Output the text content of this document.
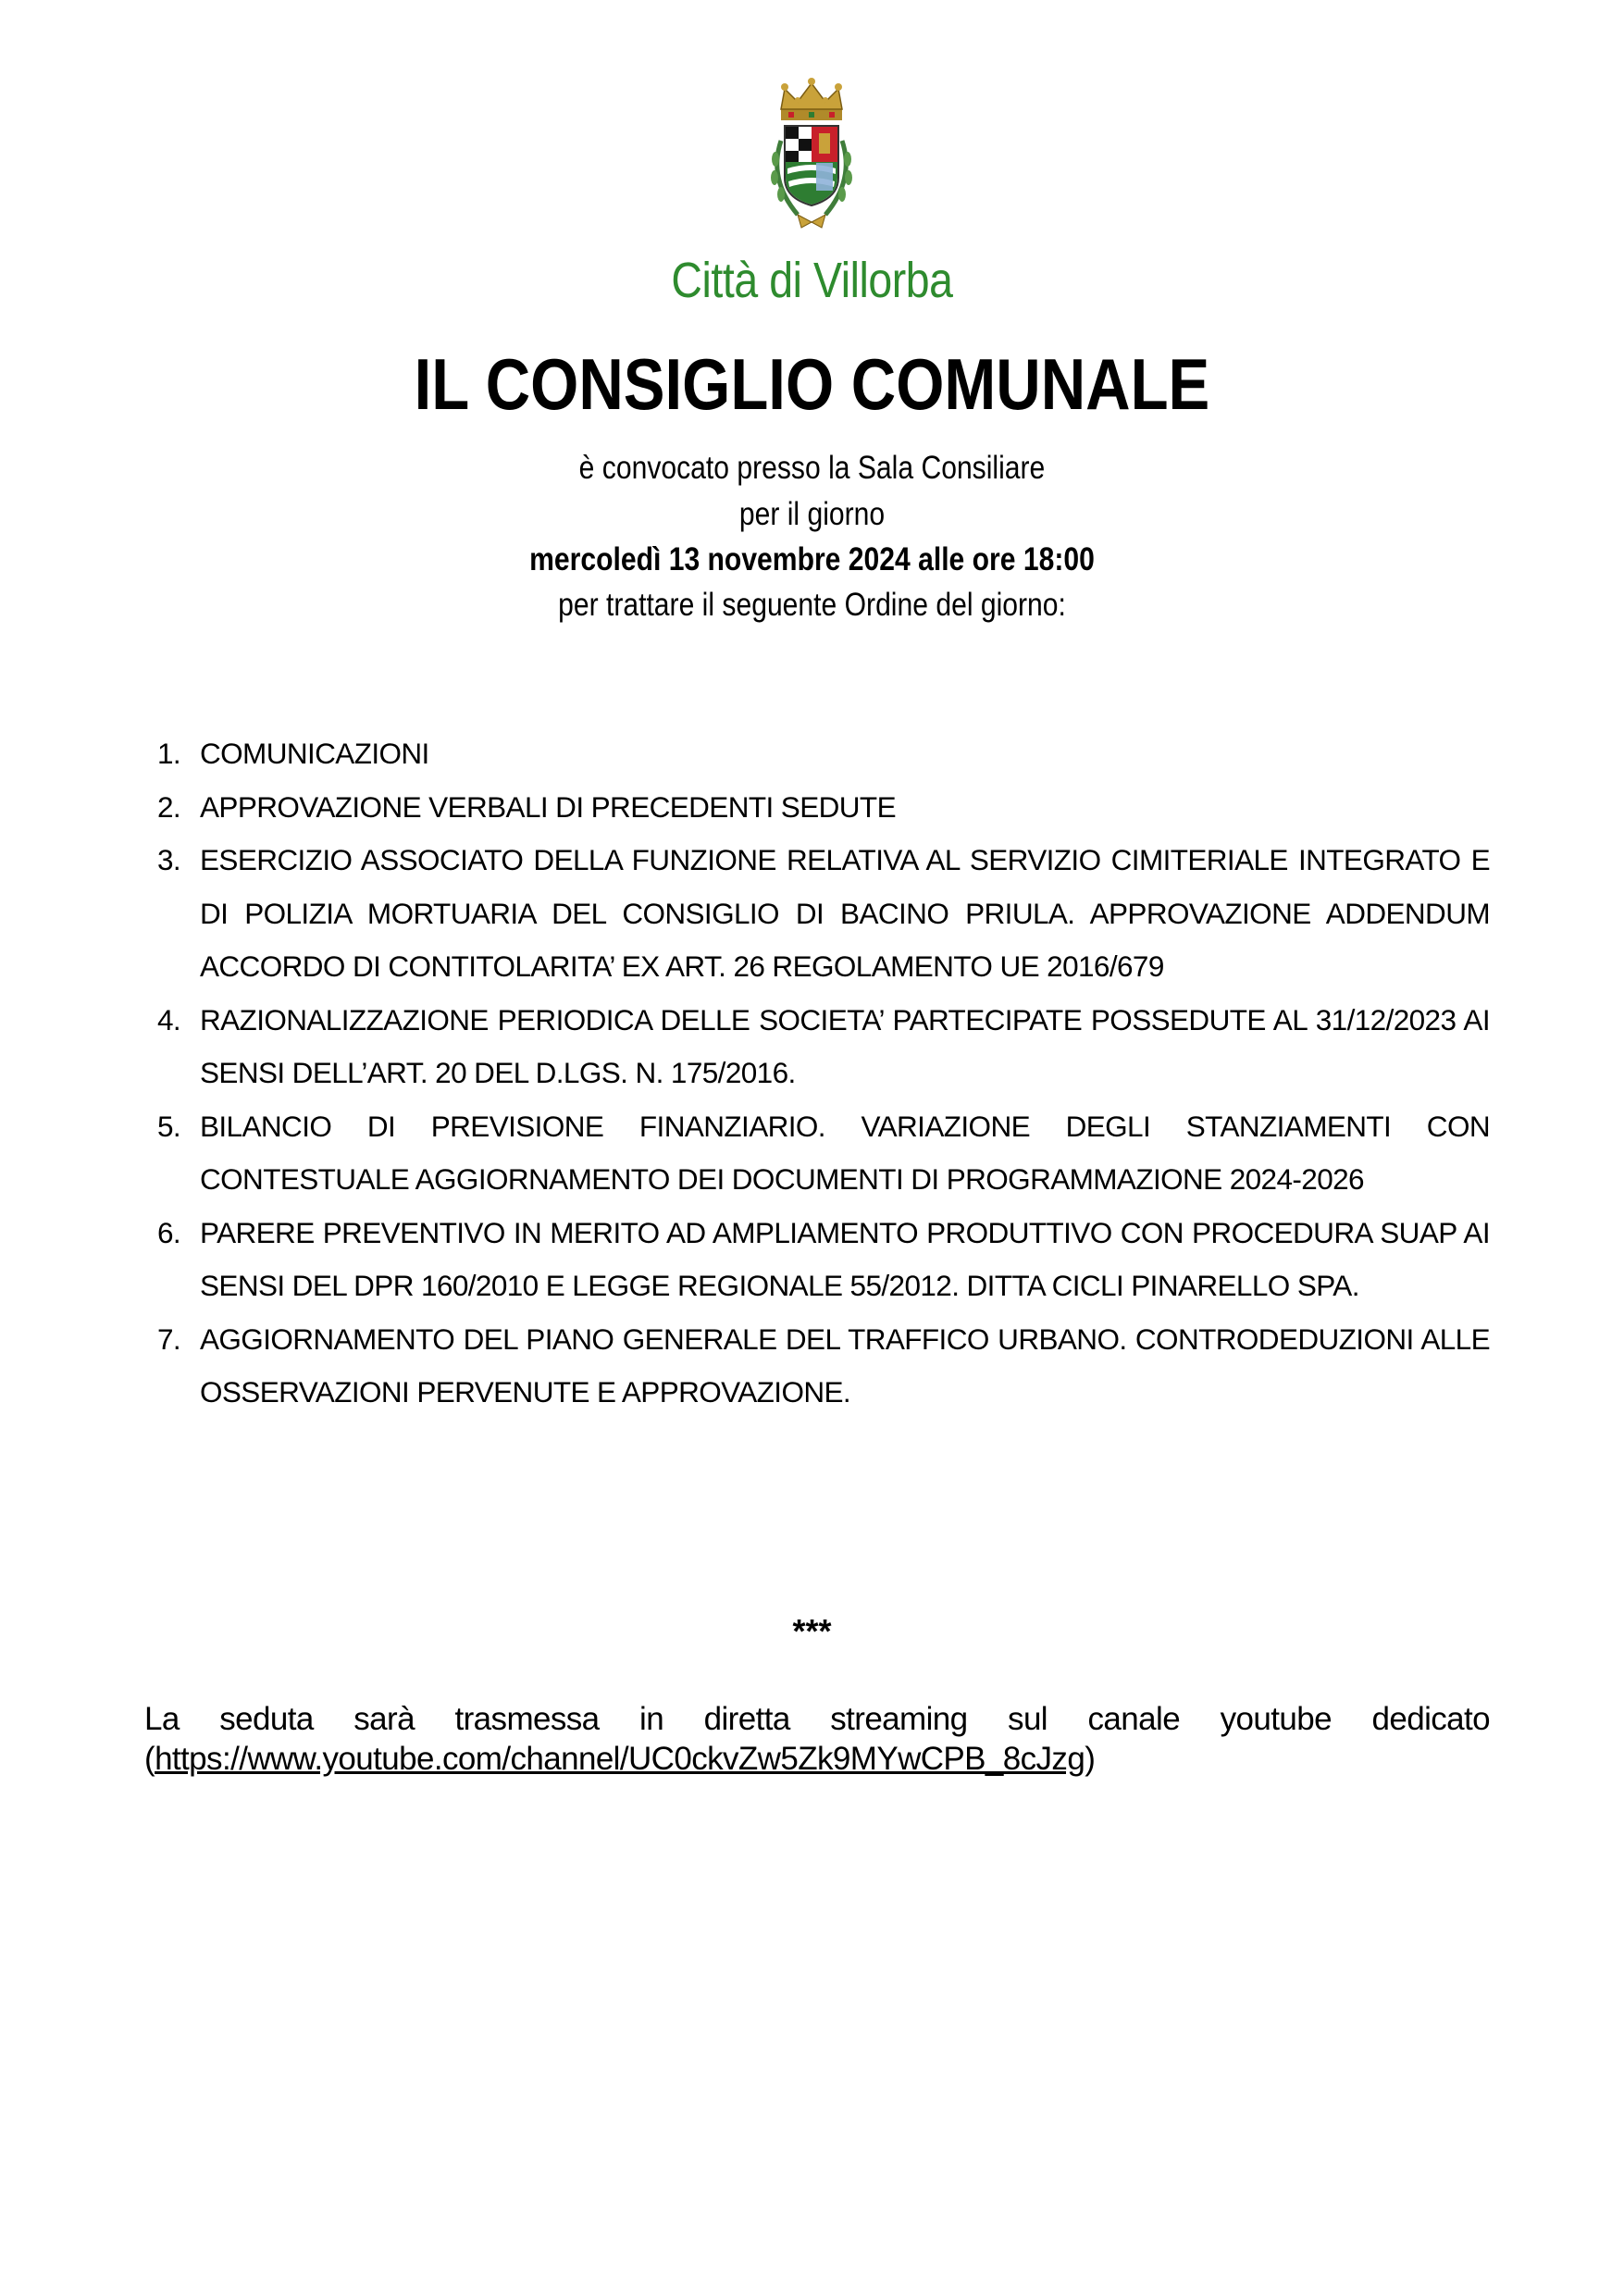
Città di Villorba
IL CONSIGLIO COMUNALE
è convocato presso la Sala Consiliare
per il giorno
mercoledì 13 novembre 2024 alle ore 18:00
per trattare il seguente Ordine del giorno:
1. COMUNICAZIONI
2. APPROVAZIONE VERBALI DI PRECEDENTI SEDUTE
3. ESERCIZIO ASSOCIATO DELLA FUNZIONE RELATIVA AL SERVIZIO CIMITERIALE INTEGRATO E DI POLIZIA MORTUARIA DEL CONSIGLIO DI BACINO PRIULA. APPROVAZIONE ADDENDUM ACCORDO DI CONTITOLARITA’ EX ART. 26 REGOLAMENTO UE 2016/679
4. RAZIONALIZZAZIONE PERIODICA DELLE SOCIETA’ PARTECIPATE POSSEDUTE AL 31/12/2023 AI SENSI DELL’ART. 20 DEL D.LGS. N. 175/2016.
5. BILANCIO DI PREVISIONE FINANZIARIO. VARIAZIONE DEGLI STANZIAMENTI CON CONTESTUALE AGGIORNAMENTO DEI DOCUMENTI DI PROGRAMMAZIONE 2024-2026
6. PARERE PREVENTIVO IN MERITO AD AMPLIAMENTO PRODUTTIVO CON PROCEDURA SUAP AI SENSI DEL DPR 160/2010 E LEGGE REGIONALE 55/2012. DITTA CICLI PINARELLO SPA.
7. AGGIORNAMENTO DEL PIANO GENERALE DEL TRAFFICO URBANO. CONTRODEDUZIONI ALLE OSSERVAZIONI PERVENUTE E APPROVAZIONE.
***
La seduta sarà trasmessa in diretta streaming sul canale youtube dedicato
(https://www.youtube.com/channel/UC0ckvZw5Zk9MYwCPB_8cJzg)
